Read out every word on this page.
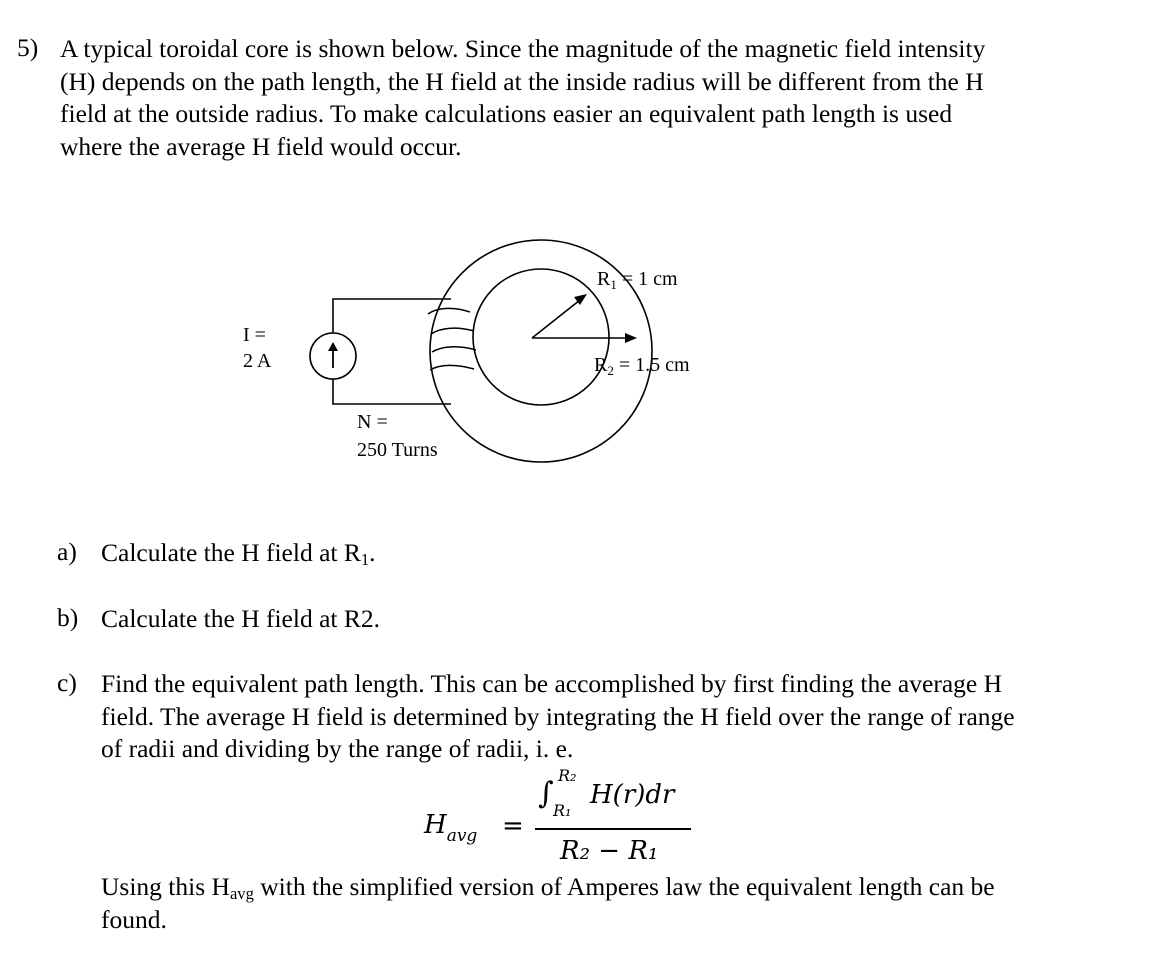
5) A typical toroidal core is shown below. Since the magnitude of the magnetic field intensity
(H) depends on the path length, the H field at the inside radius will be different from the H
field at the outside radius. To make calculations easier an equivalent path length is used
where the average H field would occur.
I =
2 A
N =
250 Turns
$R_1 = 1$ cm
$R_2 = 1.5$ cm
a) Calculate the H field at $R_1$.
b) Calculate the H field at R2.
c) Find the equivalent path length. This can be accomplished by first finding the average H
field. The average H field is determined by integrating the H field over the range of range
of radii and dividing by the range of radii, i. e.
$H_{avg}$ =
∫
R₂
R₁
H(r)dr
R₂ − R₁
Using this $H_{avg}$ with the simplified version of Amperes law the equivalent length can be
found.
